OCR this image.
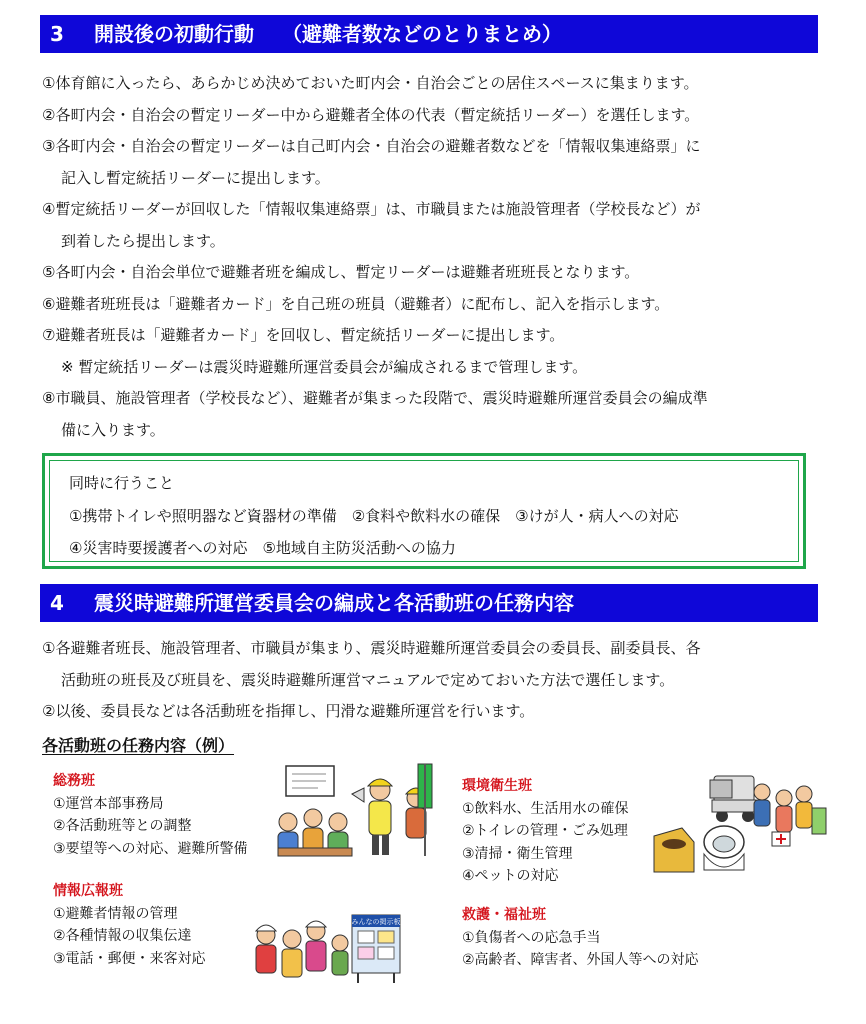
3 開設後の初動行動 （避難者数などのとりまとめ）
①体育館に入ったら、あらかじめ決めておいた町内会・自治会ごとの居住スペースに集まります。
②各町内会・自治会の暫定リーダー中から避難者全体の代表（暫定統括リーダー）を選任します。
③各町内会・自治会の暫定リーダーは自己町内会・自治会の避難者数などを「情報収集連絡票」に
記入し暫定統括リーダーに提出します。
④暫定統括リーダーが回収した「情報収集連絡票」は、市職員または施設管理者（学校長など）が
到着したら提出します。
⑤各町内会・自治会単位で避難者班を編成し、暫定リーダーは避難者班班長となります。
⑥避難者班班長は「避難者カード」を自己班の班員（避難者）に配布し、記入を指示します。
⑦避難者班長は「避難者カード」を回収し、暫定統括リーダーに提出します。
※ 暫定統括リーダーは震災時避難所運営委員会が編成されるまで管理します。
⑧市職員、施設管理者（学校長など）、避難者が集まった段階で、震災時避難所運営委員会の編成準
備に入ります。
同時に行うこと
①携帯トイレや照明器など資器材の準備　②食料や飲料水の確保　③けが人・病人への対応
④災害時要援護者への対応　⑤地域自主防災活動への協力
4 震災時避難所運営委員会の編成と各活動班の任務内容
①各避難者班長、施設管理者、市職員が集まり、震災時避難所運営委員会の委員長、副委員長、各
活動班の班長及び班員を、震災時避難所運営マニュアルで定めておいた方法で選任します。
②以後、委員長などは各活動班を指揮し、円滑な避難所運営を行います。
各活動班の任務内容（例）
総務班
①運営本部事務局
②各活動班等との調整
③要望等への対応、避難所警備
環境衛生班
①飲料水、生活用水の確保
②トイレの管理・ごみ処理
③清掃・衛生管理
④ペットの対応
情報広報班
①避難者情報の管理
②各種情報の収集伝達
③電話・郵便・来客対応
救護・福祉班
①負傷者への応急手当
②高齢者、障害者、外国人等への対応
みんなの掲示板
